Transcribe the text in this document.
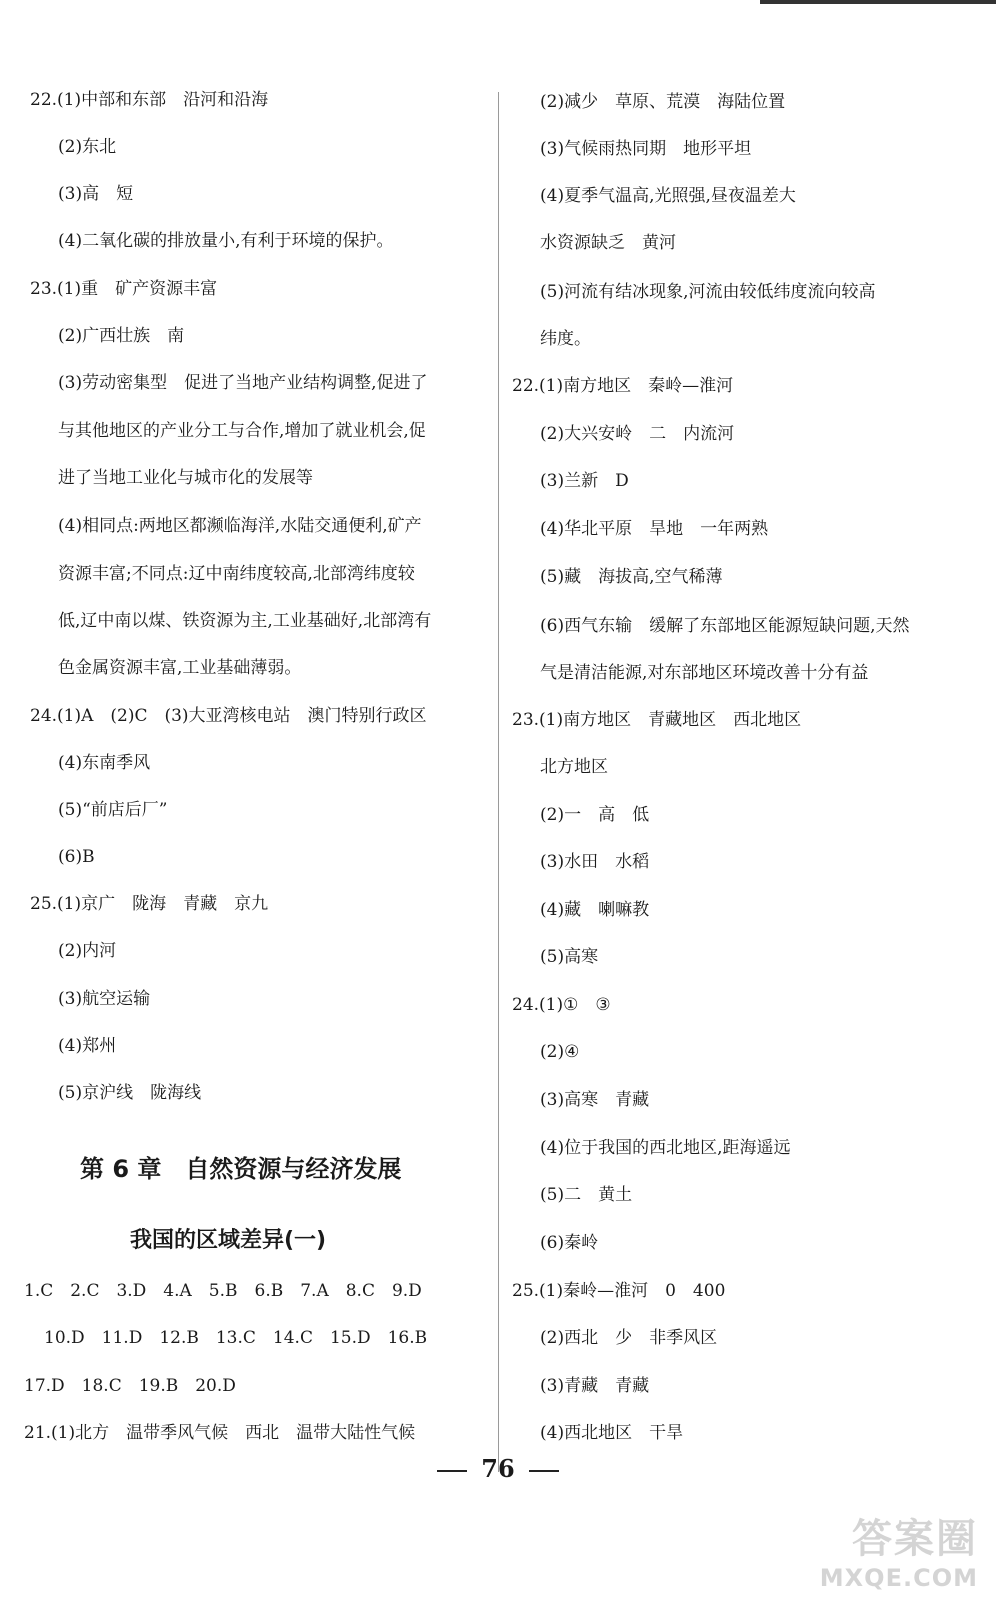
22.(1)中部和东部　沿河和沿海
(2)东北
(3)高　短
(4)二氧化碳的排放量小,有利于环境的保护。
23.(1)重　矿产资源丰富
(2)广西壮族　南
(3)劳动密集型　促进了当地产业结构调整,促进了
与其他地区的产业分工与合作,增加了就业机会,促
进了当地工业化与城市化的发展等
(4)相同点:两地区都濒临海洋,水陆交通便利,矿产
资源丰富;不同点:辽中南纬度较高,北部湾纬度较
低,辽中南以煤、铁资源为主,工业基础好,北部湾有
色金属资源丰富,工业基础薄弱。
24.(1)A　(2)C　(3)大亚湾核电站　澳门特别行政区
(4)东南季风
(5)“前店后厂”
(6)B
25.(1)京广　陇海　青藏　京九
(2)内河
(3)航空运输
(4)郑州
(5)京沪线　陇海线
第 6 章　自然资源与经济发展
我国的区域差异(一)
1.C　2.C　3.D　4.A　5.B　6.B　7.A　8.C　9.D
10.D　11.D　12.B　13.C　14.C　15.D　16.B
17.D　18.C　19.B　20.D
21.(1)北方　温带季风气候　西北　温带大陆性气候
(2)减少　草原、荒漠　海陆位置
(3)气候雨热同期　地形平坦
(4)夏季气温高,光照强,昼夜温差大
水资源缺乏　黄河
(5)河流有结冰现象,河流由较低纬度流向较高
纬度。
22.(1)南方地区　秦岭—淮河
(2)大兴安岭　二　内流河
(3)兰新　D
(4)华北平原　旱地　一年两熟
(5)藏　海拔高,空气稀薄
(6)西气东输　缓解了东部地区能源短缺问题,天然
气是清洁能源,对东部地区环境改善十分有益
23.(1)南方地区　青藏地区　西北地区
北方地区
(2)一　高　低
(3)水田　水稻
(4)藏　喇嘛教
(5)高寒
24.(1)①　③
(2)④
(3)高寒　青藏
(4)位于我国的西北地区,距海遥远
(5)二　黄土
(6)秦岭
25.(1)秦岭—淮河　0　400
(2)西北　少　非季风区
(3)青藏　青藏
(4)西北地区　干旱
76
答案圈
MXQE.COM
